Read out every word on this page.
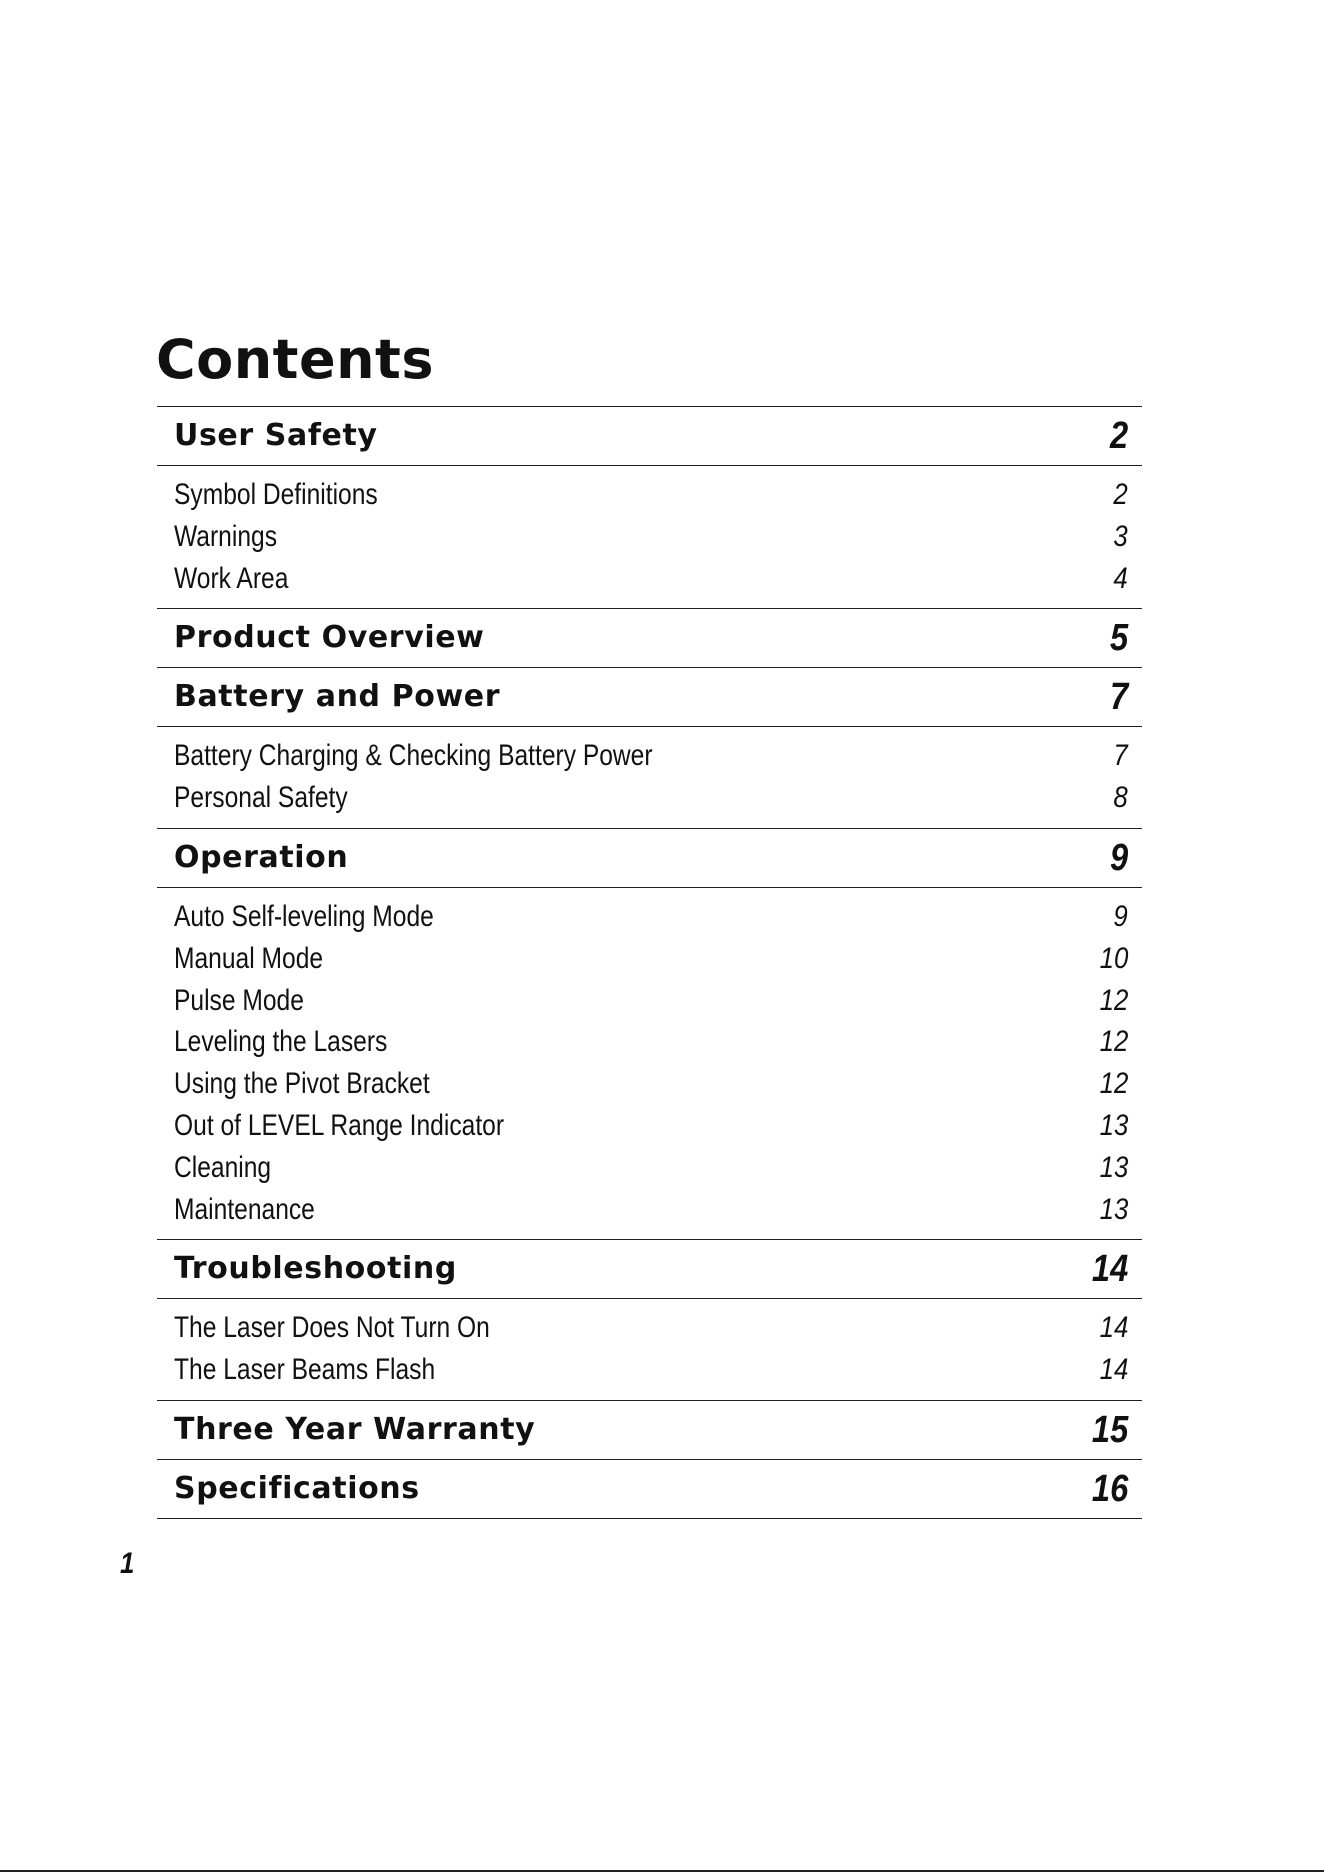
Contents
User Safety	2
Symbol Definitions	2
Warnings	3
Work Area	4
Product Overview	5
Battery and Power	7
Battery Charging & Checking Battery Power	7
Personal Safety	8
Operation	9
Auto Self-leveling Mode	9
Manual Mode	10
Pulse Mode	12
Leveling the Lasers	12
Using the Pivot Bracket	12
Out of LEVEL Range Indicator	13
Cleaning	13
Maintenance	13
Troubleshooting	14
The Laser Does Not Turn On	14
The Laser Beams Flash	14
Three Year Warranty	15
Specifications	16
1
